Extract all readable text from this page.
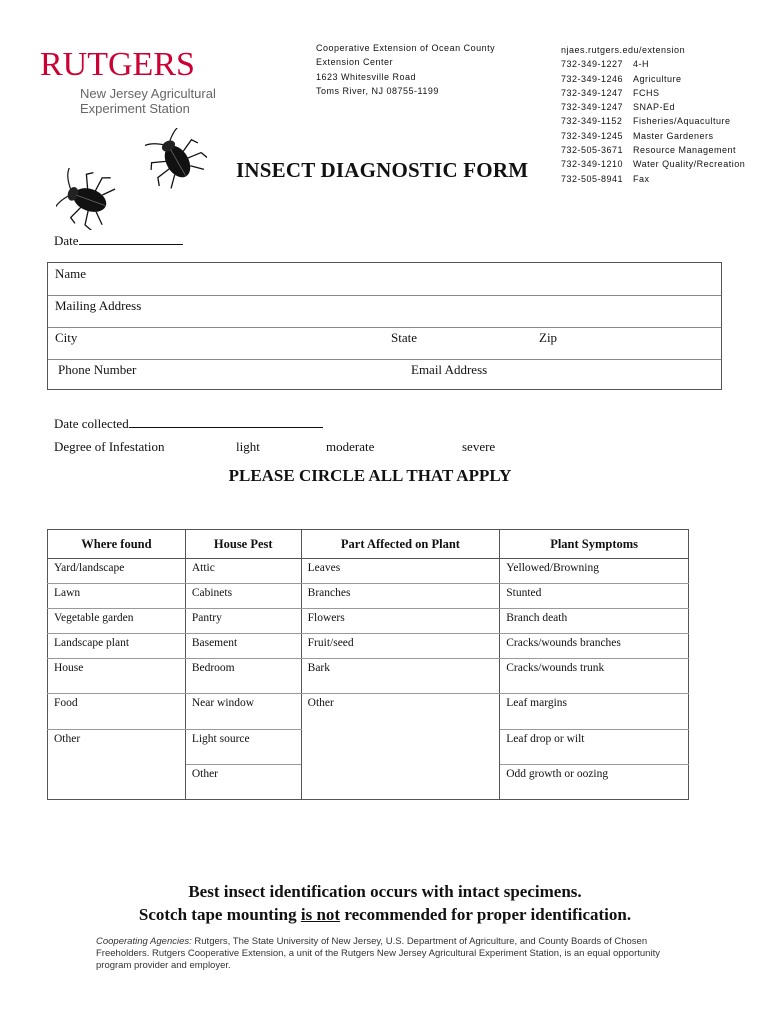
RUTGERS
New Jersey Agricultural
Experiment Station
Cooperative Extension of Ocean County
Extension Center
1623 Whitesville Road
Toms River, NJ 08755-1199
njaes.rutgers.edu/extension
732-349-1227	4-H
732-349-1246	Agriculture
732-349-1247	FCHS
732-349-1247	SNAP-Ed
732-349-1152	Fisheries/Aquaculture
732-349-1245	Master Gardeners
732-505-3671	Resource Management
732-349-1210	Water Quality/Recreation
732-505-8941	Fax
INSECT DIAGNOSTIC FORM
Date
Name
Mailing Address
City	State	Zip
Phone Number	Email Address
Date collected
Degree of Infestation	light	moderate	severe
PLEASE CIRCLE ALL THAT APPLY
Where found	House Pest	Part Affected on Plant	Plant Symptoms
Yard/landscape	Attic	Leaves	Yellowed/Browning
Lawn	Cabinets	Branches	Stunted
Vegetable garden	Pantry	Flowers	Branch death
Landscape plant	Basement	Fruit/seed	Cracks/wounds branches
House	Bedroom	Bark	Cracks/wounds trunk
Food	Near window	Other	Leaf margins
Other	Light source		Leaf drop or wilt
	Other		Odd growth or oozing
Best insect identification occurs with intact specimens.
Scotch tape mounting is not recommended for proper identification.
Cooperating Agencies: Rutgers, The State University of New Jersey, U.S. Department of Agriculture, and County Boards of Chosen Freeholders. Rutgers Cooperative Extension, a unit of the Rutgers New Jersey Agricultural Experiment Station, is an equal opportunity program provider and employer.
